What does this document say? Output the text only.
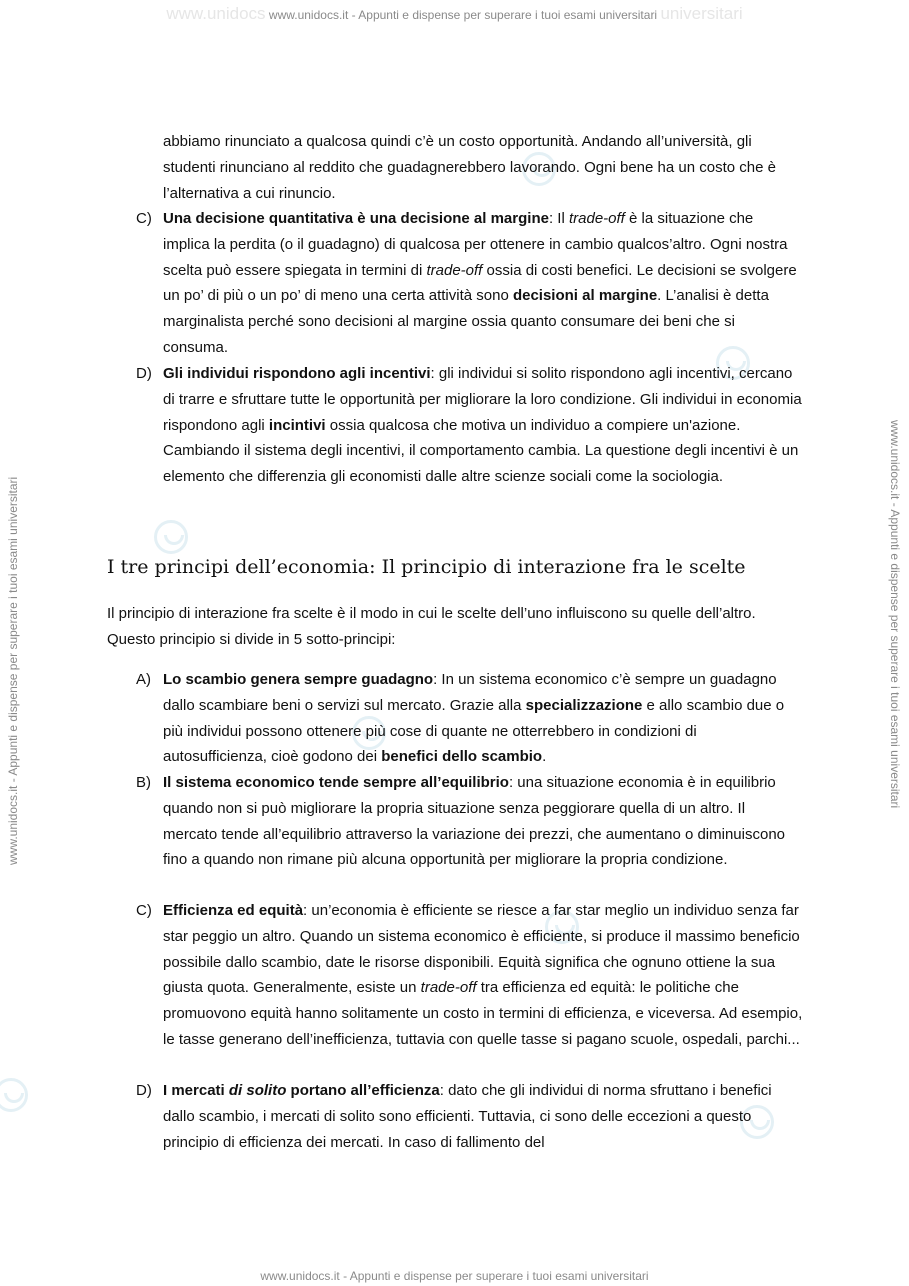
www.unidocs www.unidocs.it - Appunti e dispense per superare i tuoi esami universitari universitari
www.unidocs.it - Appunti e dispense per superare i tuoi esami universitari
www.unidocs.it - Appunti e dispense per superare i tuoi esami universitari	www.unidocs.it - Appunti e dispense per superare i tuoi esami universitari
abbiamo rinunciato a qualcosa quindi c’è un costo opportunità. Andando all’università, gli studenti rinunciano al reddito che guadagnerebbero lavorando. Ogni bene ha un costo che è l’alternativa a cui rinuncio.
C) Una decisione quantitativa è una decisione al margine: Il trade-off è la situazione che implica la perdita (o il guadagno) di qualcosa per ottenere in cambio qualcos’altro. Ogni nostra scelta può essere spiegata in termini di trade-off ossia di costi benefici. Le decisioni se svolgere un po’ di più o un po’ di meno una certa attività sono decisioni al margine. L’analisi è detta marginalista perché sono decisioni al margine ossia quanto consumare dei beni che si consuma.
D) Gli individui rispondono agli incentivi: gli individui si solito rispondono agli incentivi, cercano di trarre e sfruttare tutte le opportunità per migliorare la loro condizione. Gli individui in economia rispondono agli incintivi ossia qualcosa che motiva un individuo a compiere un'azione. Cambiando il sistema degli incentivi, il comportamento cambia. La questione degli incentivi è un elemento che differenzia gli economisti dalle altre scienze sociali come la sociologia.
I tre principi dell’economia: Il principio di interazione fra le scelte
Il principio di interazione fra scelte è il modo in cui le scelte dell’uno influiscono su quelle dell’altro. Questo principio si divide in 5 sotto-principi:
A) Lo scambio genera sempre guadagno: In un sistema economico c’è sempre un guadagno dallo scambiare beni o servizi sul mercato. Grazie alla specializzazione e allo scambio due o più individui possono ottenere più cose di quante ne otterrebbero in condizioni di autosufficienza, cioè godono dei benefici dello scambio.
B) Il sistema economico tende sempre all’equilibrio: una situazione economia è in equilibrio quando non si può migliorare la propria situazione senza peggiorare quella di un altro. Il mercato tende all’equilibrio attraverso la variazione dei prezzi, che aumentano o diminuiscono fino a quando non rimane più alcuna opportunità per migliorare la propria condizione.
C) Efficienza ed equità: un’economia è efficiente se riesce a far star meglio un individuo senza far star peggio un altro. Quando un sistema economico è efficiente, si produce il massimo beneficio possibile dallo scambio, date le risorse disponibili. Equità significa che ognuno ottiene la sua giusta quota. Generalmente, esiste un trade-off tra efficienza ed equità: le politiche che promuovono equità hanno solitamente un costo in termini di efficienza, e viceversa. Ad esempio, le tasse generano dell’inefficienza, tuttavia con quelle tasse si pagano scuole, ospedali, parchi...
D) I mercati di solito portano all’efficienza: dato che gli individui di norma sfruttano i benefici dallo scambio, i mercati di solito sono efficienti. Tuttavia, ci sono delle eccezioni a questo principio di efficienza dei mercati. In caso di fallimento del
